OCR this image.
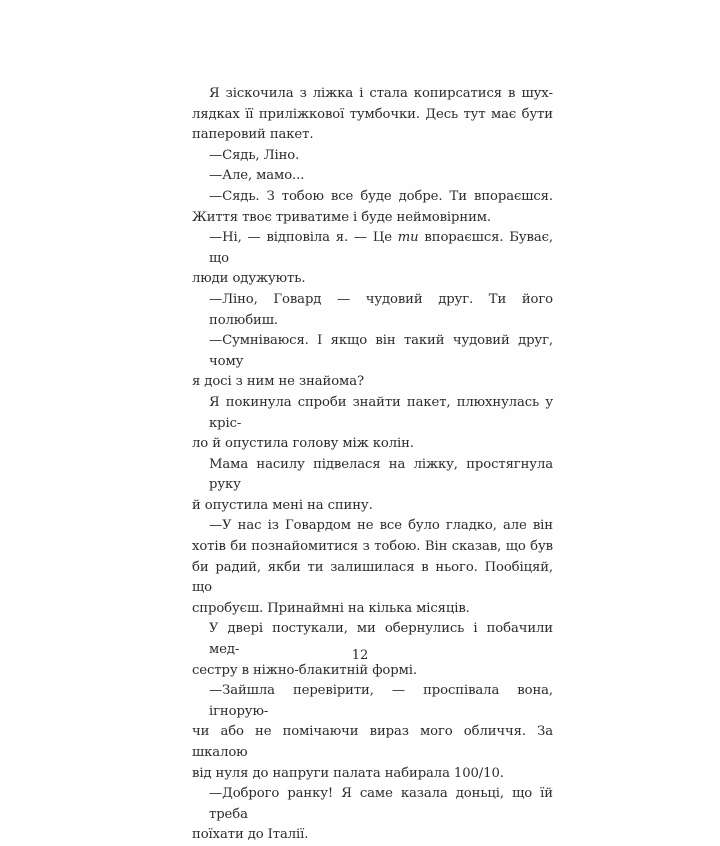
Я зіскочила з ліжка і стала копирсатися в шух-
лядках її приліжкової тумбочки. Десь тут має бути
паперовий пакет.
—Сядь, Ліно.
—Але, мамо...
—Сядь. З тобою все буде добре. Ти впораєшся.
Життя твоє триватиме і буде неймовірним.
—Ні, — відповіла я. — Це ти впораєшся. Буває, що
люди одужують.
—Ліно, Говард — чудовий друг. Ти його полюбиш.
—Сумніваюся. І якщо він такий чудовий друг, чому
я досі з ним не знайома?
Я покинула спроби знайти пакет, плюхнулась у кріс-
ло й опустила голову між колін.
Мама насилу підвелася на ліжку, простягнула руку
й опустила мені на спину.
—У нас із Говардом не все було гладко, але він
хотів би познайомитися з тобою. Він сказав, що був
би радий, якби ти залишилася в нього. Пообіцяй, що
спробуєш. Принаймні на кілька місяців.
У двері постукали, ми обернулись і побачили мед-
сестру в ніжно-блакитній формі.
—Зайшла перевірити, — проспівала вона, ігнорую-
чи або не помічаючи вираз мого обличчя. За шкалою
від нуля до напруги палата набирала 100/10.
—Доброго ранку! Я саме казала доньці, що їй треба
поїхати до Італії.
12
